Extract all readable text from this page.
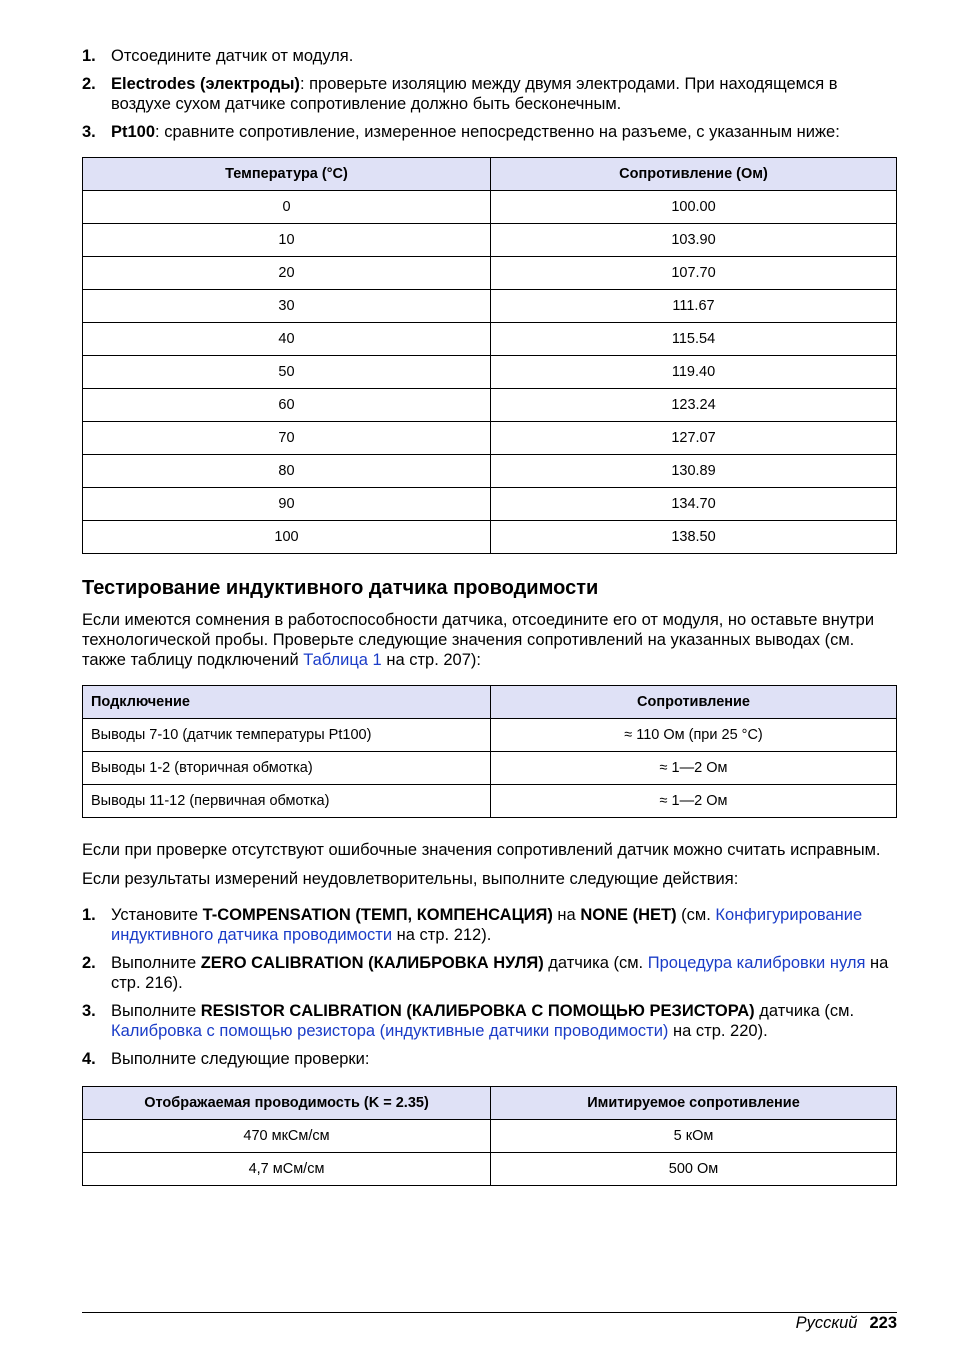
1. Отсоедините датчик от модуля.
2. Electrodes (электроды): проверьте изоляцию между двумя электродами. При находящемся в воздухе сухом датчике сопротивление должно быть бесконечным.
3. Pt100: сравните сопротивление, измеренное непосредственно на разъеме, с указанным ниже:
Температура (°C)	Сопротивление (Ом)
0	100.00
10	103.90
20	107.70
30	111.67
40	115.54
50	119.40
60	123.24
70	127.07
80	130.89
90	134.70
100	138.50
Тестирование индуктивного датчика проводимости

Если имеются сомнения в работоспособности датчика, отсоедините его от модуля, но оставьте внутри технологической пробы. Проверьте следующие значения сопротивлений на указанных выводах (см. также таблицу подключений Таблица 1 на стр. 207):

Подключение	Сопротивление
Выводы 7-10 (датчик температуры Pt100)	≈ 110 Ом (при 25 °C)
Выводы 1-2 (вторичная обмотка)	≈ 1—2 Ом
Выводы 11-12 (первичная обмотка)	≈ 1—2 Ом

Если при проверке отсутствуют ошибочные значения сопротивлений датчик можно считать исправным.

Если результаты измерений неудовлетворительны, выполните следующие действия:

1. Установите T-COMPENSATION (ТЕМП, КОМПЕНСАЦИЯ) на NONE (НЕТ) (см. Конфигурирование индуктивного датчика проводимости на стр. 212).
2. Выполните ZERO CALIBRATION (КАЛИБРОВКА НУЛЯ) датчика (см. Процедура калибровки нуля на стр. 216).
3. Выполните RESISTOR CALIBRATION (КАЛИБРОВКА С ПОМОЩЬЮ РЕЗИСТОРА) датчика (см. Калибровка с помощью резистора (индуктивные датчики проводимости) на стр. 220).
4. Выполните следующие проверки:
Отображаемая проводимость (K = 2.35)	Имитируемое сопротивление
470 мкСм/см	5 кОм
4,7 мСм/см	500 Ом
Русский 223
